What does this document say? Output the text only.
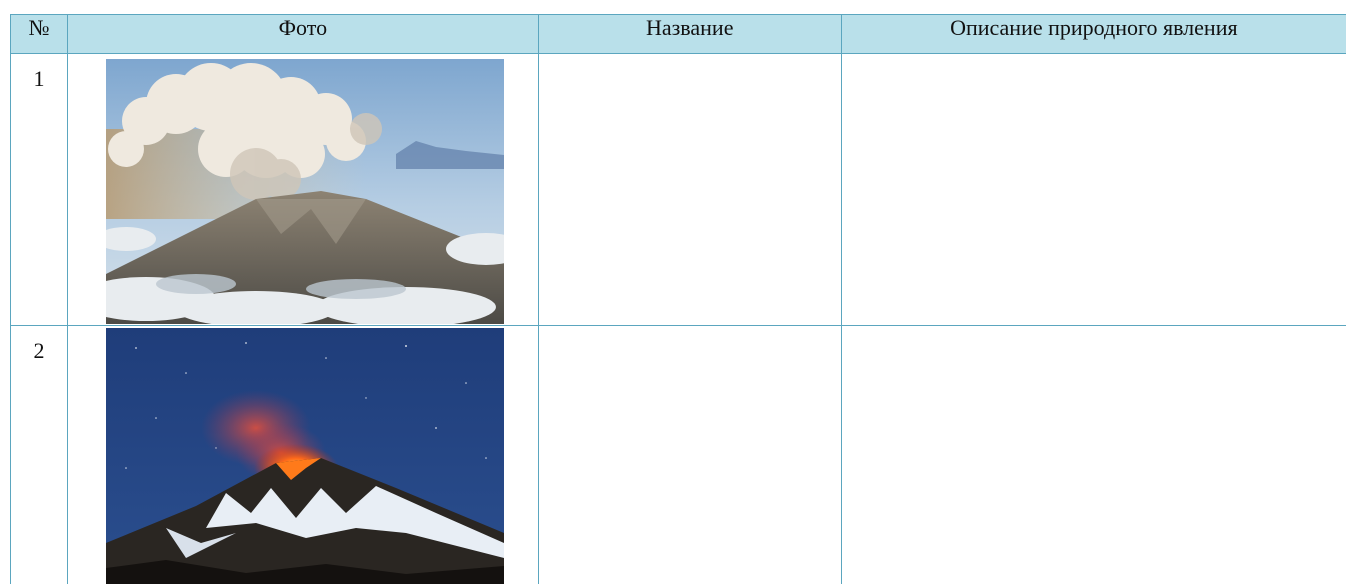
№	Фото	Название	Описание природного явления

1

2
